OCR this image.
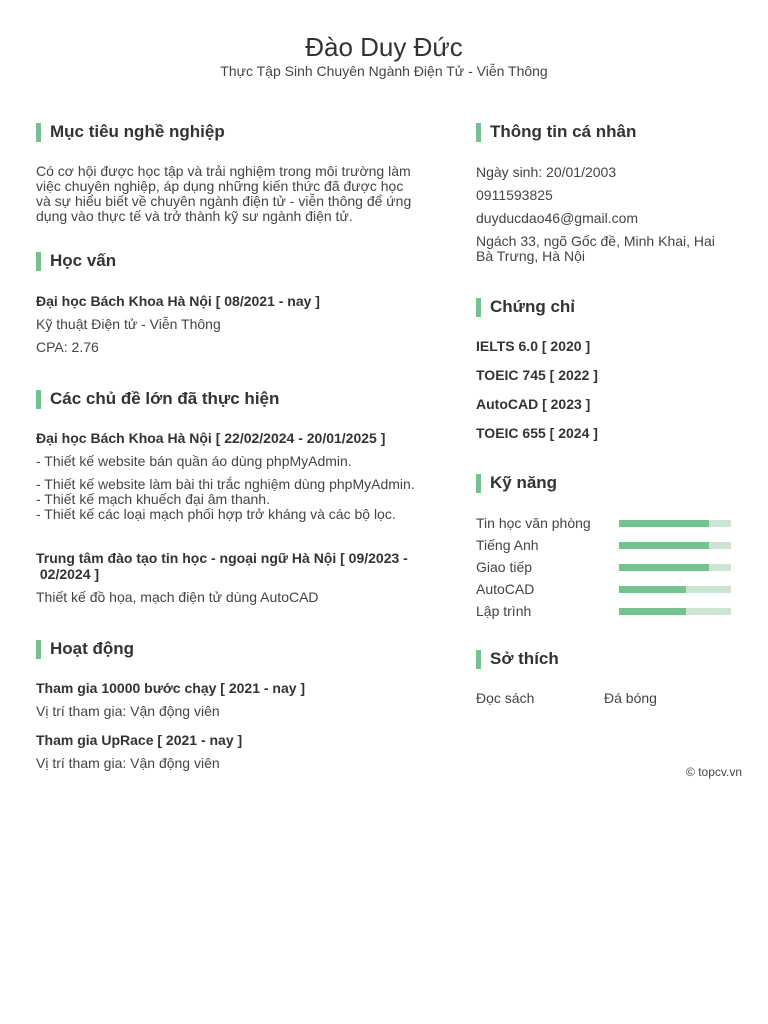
Đào Duy Đức
Thực Tập Sinh Chuyên Ngành Điện Tử - Viễn Thông
Mục tiêu nghề nghiệp
Có cơ hội được học tập và trải nghiệm trong môi trường làm
việc chuyên nghiệp, áp dụng những kiến thức đã được học
và sự hiểu biết về chuyên ngành điện tử - viễn thông để ứng
dụng vào thực tế và trở thành kỹ sư ngành điện tử.
Học vấn
Đại học Bách Khoa Hà Nội [ 08/2021 - nay ]
Kỹ thuật Điện tử - Viễn Thông
CPA: 2.76
Các chủ đề lớn đã thực hiện
Đại học Bách Khoa Hà Nội [ 22/02/2024 - 20/01/2025 ]
- Thiết kế website bán quần áo dùng phpMyAdmin.
- Thiết kế website làm bài thi trắc nghiệm dùng phpMyAdmin.
- Thiết kế mạch khuếch đại âm thanh.
- Thiết kế các loại mạch phối hợp trở kháng và các bộ lọc.
Trung tâm đào tạo tin học - ngoại ngữ Hà Nội [ 09/2023 -
02/2024 ]
Thiết kế đồ họa, mạch điện tử dùng AutoCAD
Hoạt động
Tham gia 10000 bước chạy [ 2021 - nay ]
Vị trí tham gia: Vận động viên
Tham gia UpRace [ 2021 - nay ]
Vị trí tham gia: Vận động viên
Thông tin cá nhân
Ngày sinh: 20/01/2003
0911593825
duyducdao46@gmail.com
Ngách 33, ngõ Gốc đề, Minh Khai, Hai
Bà Trưng, Hà Nội
Chứng chỉ
IELTS 6.0 [ 2020 ]
TOEIC 745 [ 2022 ]
AutoCAD [ 2023 ]
TOEIC 655 [ 2024 ]
Kỹ năng
Tin học văn phòng
Tiếng Anh
Giao tiếp
AutoCAD
Lập trình
Sở thích
Đọc sách	Đá bóng
© topcv.vn
